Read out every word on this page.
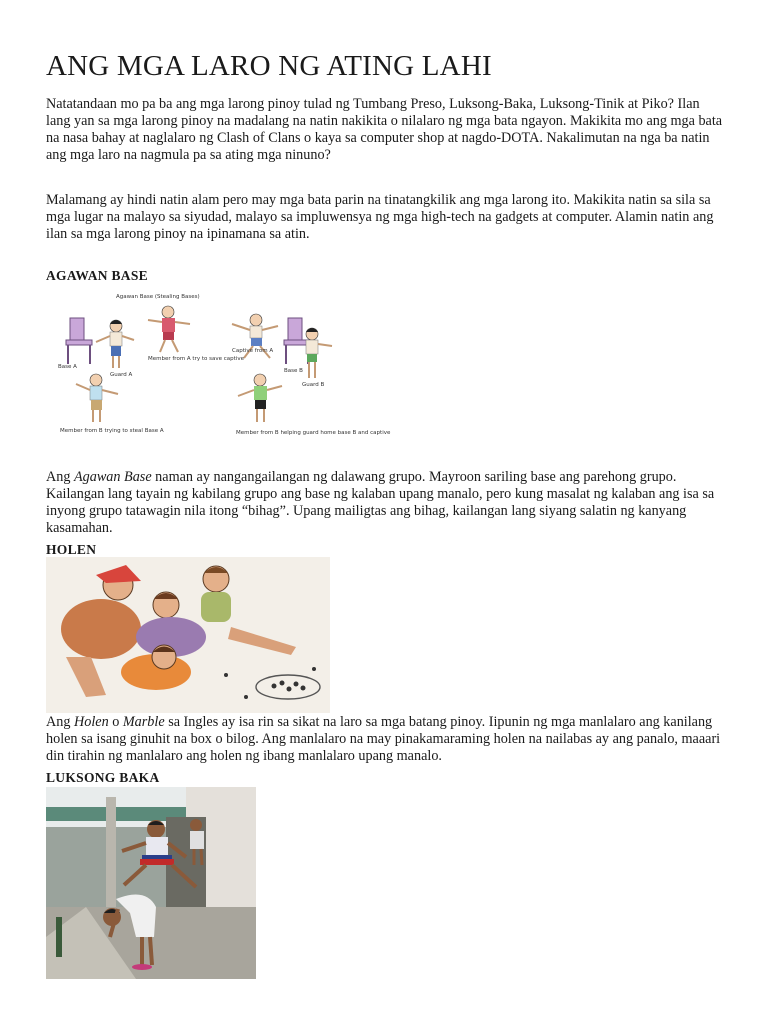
ANG MGA LARO NG ATING LAHI

Natatandaan mo pa ba ang mga larong pinoy tulad ng Tumbang Preso, Luksong-Baka, Luksong-Tinik at Piko? Ilan lang yan sa mga larong pinoy na madalang na natin nakikita o nilalaro ng mga bata ngayon. Makikita mo ang mga bata na nasa bahay at naglalaro ng Clash of Clans o kaya sa computer shop at nagdo-DOTA. Nakalimutan na nga ba natin ang mga laro na nagmula pa sa ating mga ninuno?

Malamang ay hindi natin alam pero may mga bata parin na tinatangkilik ang mga larong ito. Makikita natin sa sila sa mga lugar na malayo sa siyudad, malayo sa impluwensya ng mga high-tech na gadgets at computer. Alamin natin ang ilan sa mga larong pinoy na ipinamana sa atin.

AGAWAN BASE
Agawan Base (Stealing Bases)
Base A
Guard A
Member from A try to save captive
Captive from A
Base B
Guard B
Member from B trying to steal Base A	Member from B helping guard home base B and captive

Ang Agawan Base naman ay nangangailangan ng dalawang grupo. Mayroon sariling base ang parehong grupo. Kailangan lang tayain ng kabilang grupo ang base ng kalaban upang manalo, pero kung masalat ng kalaban ang isa sa inyong grupo tatawagin nila itong “bihag”. Upang mailigtas ang bihag, kailangan lang siyang salatin ng kanyang kasamahan.

HOLEN

Ang Holen o Marble sa Ingles ay isa rin sa sikat na laro sa mga batang pinoy. Iipunin ng mga manlalaro ang kanilang holen sa isang ginuhit na box o bilog. Ang manlalaro na may pinakamaraming holen na nailabas ay ang panalo, maaari din tirahin ng manlalaro ang holen ng ibang manlalaro upang manalo.

LUKSONG BAKA
